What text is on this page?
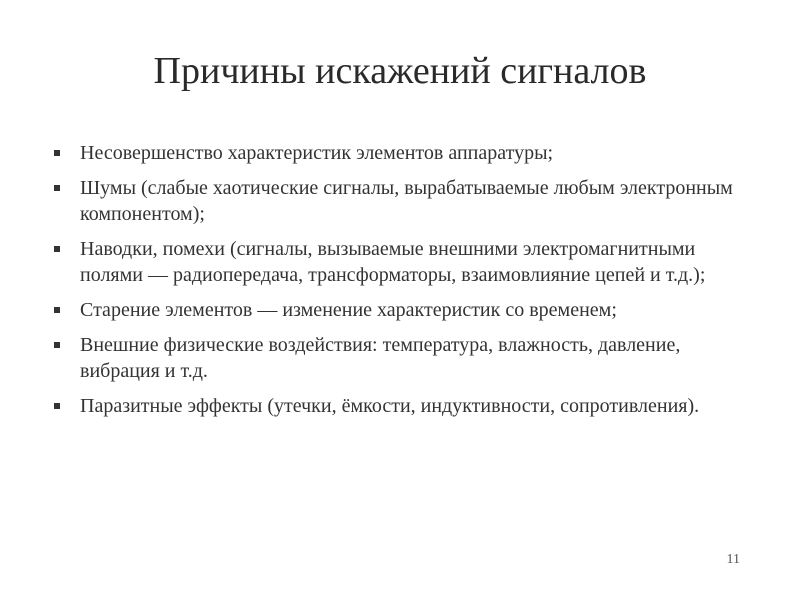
Причины искажений сигналов
Несовершенство характеристик элементов аппаратуры;
Шумы (слабые хаотические сигналы, вырабатываемые любым электронным компонентом);
Наводки, помехи (сигналы, вызываемые внешними электромагнитными полями — радиопередача, трансформаторы, взаимовлияние цепей и т.д.);
Старение элементов — изменение характеристик со временем;
Внешние физические воздействия: температура, влажность, давление, вибрация и т.д.
Паразитные эффекты (утечки, ёмкости, индуктивности, сопротивления).
11
